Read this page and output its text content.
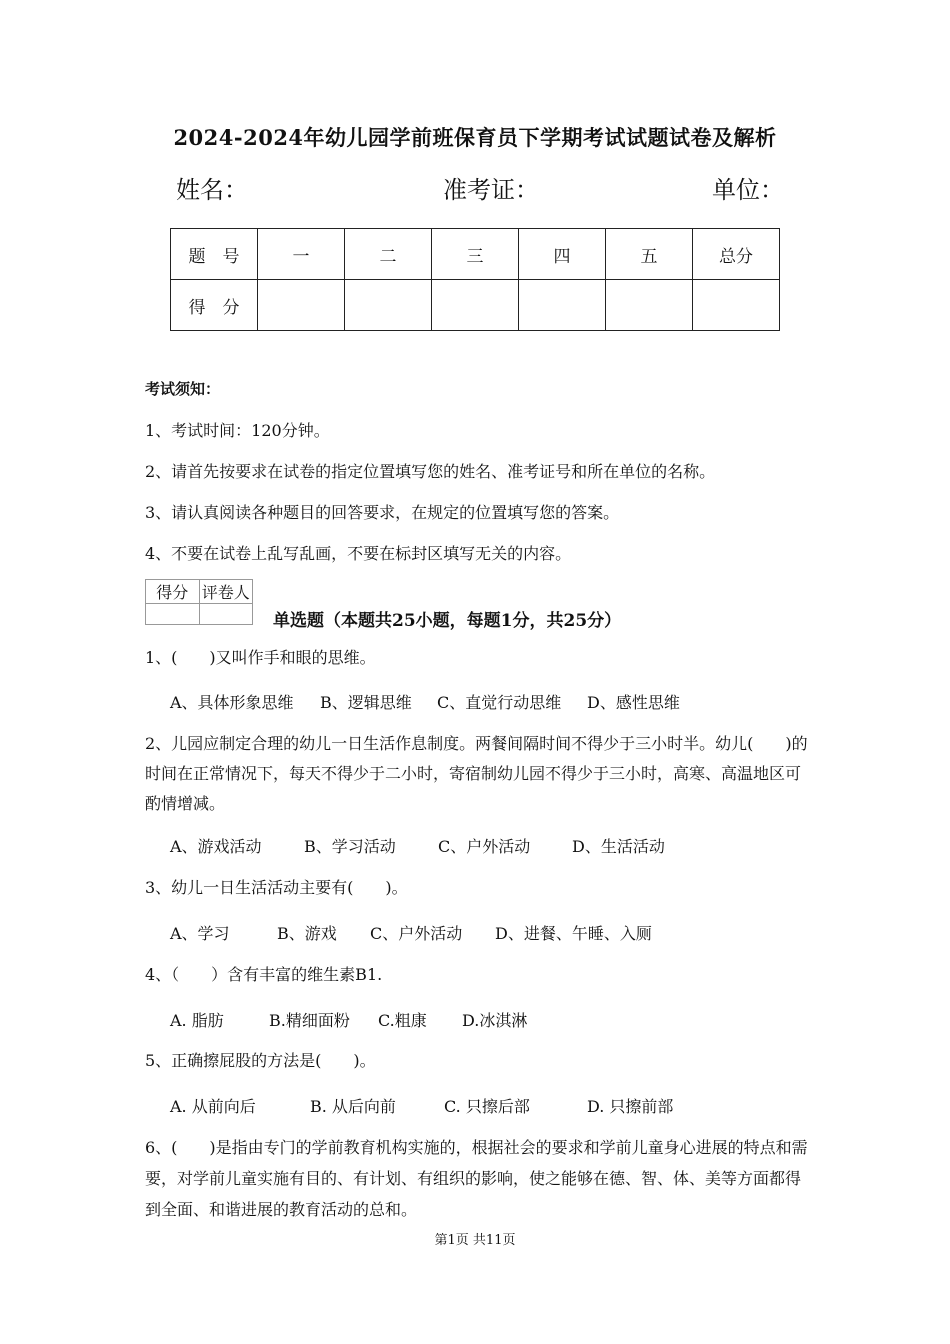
2024-2024年幼儿园学前班保育员下学期考试试题试卷及解析
姓名：	准考证：	单位：
题　号	一	二	三	四	五	总分
得　分						
考试须知：
1、考试时间：120分钟。
2、请首先按要求在试卷的指定位置填写您的姓名、准考证号和所在单位的名称。
3、请认真阅读各种题目的回答要求，在规定的位置填写您的答案。
4、不要在试卷上乱写乱画，不要在标封区填写无关的内容。
得分	评卷人

单选题（本题共25小题，每题1分，共25分）
1、(　　)又叫作手和眼的思维。
A、具体形象思维 B、逻辑思维 C、直觉行动思维 D、感性思维
2、儿园应制定合理的幼儿一日生活作息制度。两餐间隔时间不得少于三小时半。幼儿(　　)的时间在正常情况下，每天不得少于二小时，寄宿制幼儿园不得少于三小时，高寒、高温地区可酌情增减。
A、游戏活动	B、学习活动	C、户外活动	D、生活活动
3、幼儿一日生活活动主要有(　　)。
A、学习	B、游戏 C、户外活动 D、进餐、午睡、入厕
4、（　　）含有丰富的维生素B1.
A. 脂肪	B.精细面粉 C.粗康 D.冰淇淋
5、正确擦屁股的方法是(　　)。
A. 从前向后	B. 从后向前	C. 只擦后部	D. 只擦前部
6、(　　)是指由专门的学前教育机构实施的，根据社会的要求和学前儿童身心进展的特点和需要，对学前儿童实施有目的、有计划、有组织的影响，使之能够在德、智、体、美等方面都得到全面、和谐进展的教育活动的总和。
第1页 共11页
